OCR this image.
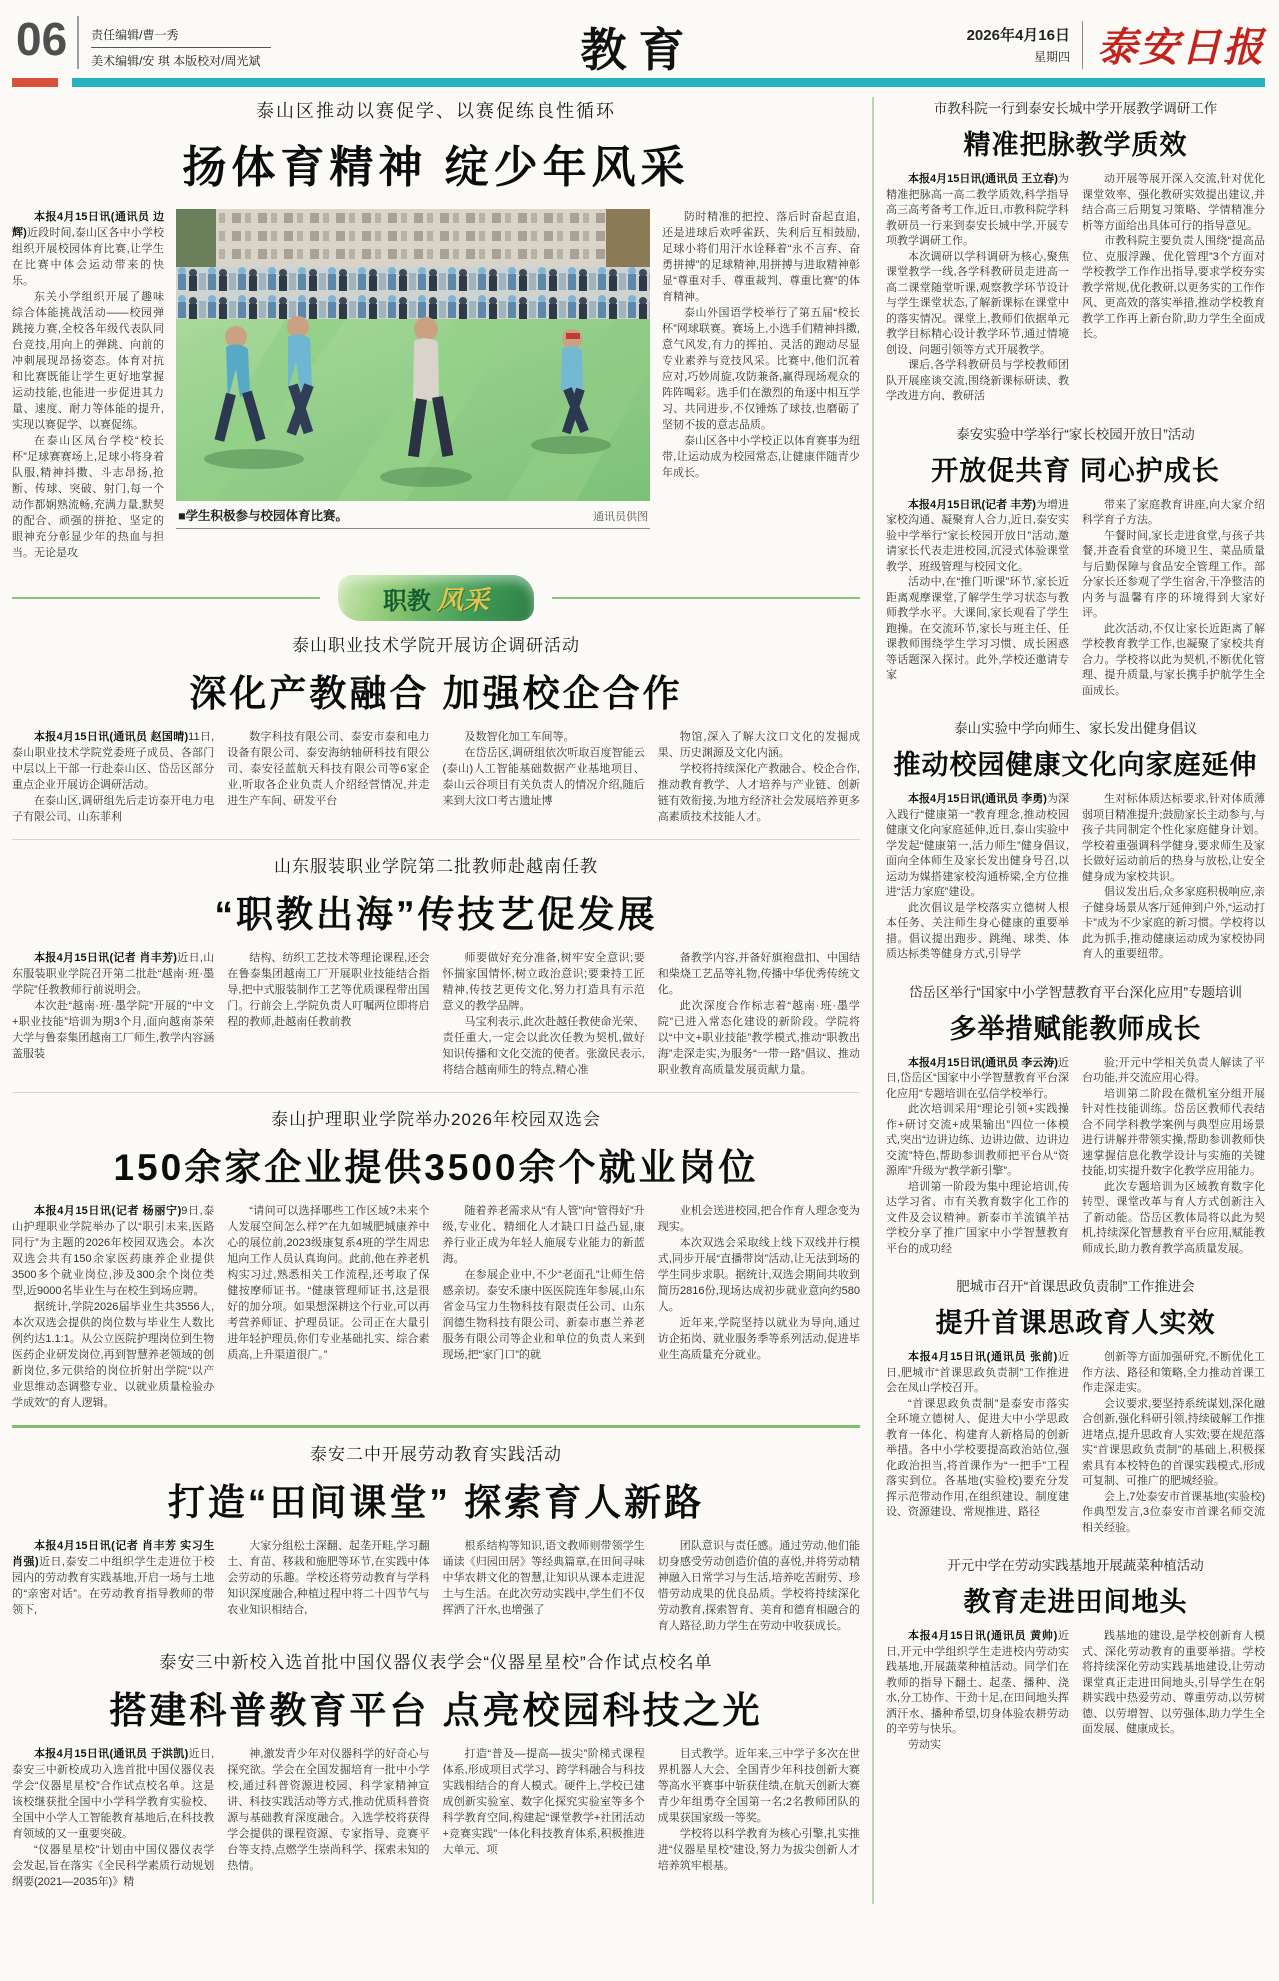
06	责任编辑/曹一秀
美术编辑/安 琪 本版校对/周光斌	教育	2026年4月16日
星期四 泰安日报
泰山区推动以赛促学、以赛促练良性循环
扬体育精神 绽少年风采

本报4月15日讯(通讯员 边辉)近段时间,泰山区各中小学校组织开展校园体育比赛,让学生在比赛中体会运动带来的快乐。

东关小学组织开展了趣味综合体能挑战活动——校园弹跳接力赛,全校各年级代表队同台竞技,用向上的弹跳、向前的冲刺展现昂扬姿态。体育对抗和比赛既能让学生更好地掌握运动技能,也能进一步促进其力量、速度、耐力等体能的提升,实现以赛促学、以赛促练。

在泰山区凤台学校“校长杯”足球赛赛场上,足球小将身着队服,精神抖擞、斗志昂扬,抢断、传球、突破、射门,每一个动作都娴熟流畅,充满力量,默契的配合、顽强的拼抢、坚定的眼神充分彰显少年的热血与担当。无论是攻

■学生积极参与校园体育比赛。	通讯员供图

防时精准的把控、落后时奋起直追,还是进球后欢呼雀跃、失利后互相鼓励,足球小将们用汗水诠释着“永不言弃、奋勇拼搏”的足球精神,用拼搏与进取精神彰显“尊重对手、尊重裁判、尊重比赛”的体育精神。

泰山外国语学校举行了第五届“校长杯”网球联赛。赛场上,小选手们精神抖擞,意气风发,有力的挥拍、灵活的跑动尽显专业素养与竞技风采。比赛中,他们沉着应对,巧妙周旋,攻防兼备,赢得现场观众的阵阵喝彩。选手们在激烈的角逐中相互学习、共同进步,不仅锤炼了球技,也磨砺了坚韧不拔的意志品质。

泰山区各中小学校正以体育赛事为纽带,让运动成为校园常态,让健康伴随青少年成长。

职教 风采
泰山职业技术学院开展访企调研活动
深化产教融合 加强校企合作

本报4月15日讯(通讯员 赵国晴)11日,泰山职业技术学院党委班子成员、各部门中层以上干部一行赴泰山区、岱岳区部分重点企业开展访企调研活动。

在泰山区,调研组先后走访泰开电力电子有限公司、山东菲利

数字科技有限公司、泰安市泰和电力设备有限公司、泰安海纳轴研科技有限公司、泰安径蓝航天科技有限公司等6家企业,听取各企业负责人介绍经营情况,并走进生产车间、研发平台

及数智化加工车间等。

在岱岳区,调研组依次听取百度智能云(泰山)人工智能基础数据产业基地项目、泰山云谷项目有关负责人的情况介绍,随后来到大汶口考古遗址博

物馆,深入了解大汶口文化的发掘成果、历史渊源及文化内涵。

学校将持续深化产教融合、校企合作,推动教育教学、人才培养与产业链、创新链有效衔接,为地方经济社会发展培养更多高素质技术技能人才。

山东服装职业学院第二批教师赴越南任教
“职教出海”传技艺促发展

本报4月15日讯(记者 肖丰芳)近日,山东服装职业学院召开第二批赴“越南·班·墨学院”任教教师行前说明会。

本次赴“越南·班·墨学院”开展的“中文+职业技能”培训为期3个月,面向越南茶荣大学与鲁泰集团越南工厂师生,教学内容涵盖服装

结构、纺织工艺技术等理论课程,还会在鲁泰集团越南工厂开展职业技能结合指导,把中式服装制作工艺等优质课程带出国门。行前会上,学院负责人叮嘱两位即将启程的教师,赴越南任教前教

师要做好充分准备,树牢安全意识;要怀揣家国情怀,树立政治意识;要秉持工匠精神,传技艺更传文化,努力打造具有示范意义的教学品牌。

马宝利表示,此次赴越任教使命光荣、责任重大,一定会以此次任教为契机,做好知识传播和文化交流的使者。张潋民表示,将结合越南师生的特点,精心准

备教学内容,并备好旗袍盘扣、中国结和柴烧工艺品等礼物,传播中华优秀传统文化。

此次深度合作标志着“越南·班·墨学院”已进入常态化建设的新阶段。学院将以“中文+职业技能”教学模式,推动“职教出海”走深走实,为服务“一带一路”倡议、推动职业教育高质量发展贡献力量。

泰山护理职业学院举办2026年校园双选会
150余家企业提供3500余个就业岗位

本报4月15日讯(记者 杨丽宁)9日,泰山护理职业学院举办了以“职引未来,医路同行”为主题的2026年校园双选会。本次双选会共有150余家医药康养企业提供3500多个就业岗位,涉及300余个岗位类型,近9000名毕业生与在校生到场应聘。

据统计,学院2026届毕业生共3556人,本次双选会提供的岗位数与毕业生人数比例约达1.1:1。从公立医院护理岗位到生物医药企业研发岗位,再到智慧养老领域的创新岗位,多元供给的岗位折射出学院“以产业思维动态调整专业、以就业质量检验办学成效”的育人逻辑。

“请问可以选择哪些工作区域?未来个人发展空间怎么样?”在九如城肥城康养中心的展位前,2023级康复系4班的学生周忠旭向工作人员认真询问。此前,他在养老机构实习过,熟悉相关工作流程,还考取了保健按摩师证书。“健康管理师证书,这是很好的加分项。如果想深耕这个行业,可以再考营养师证、护理员证。公司正在大量引进年轻护理员,你们专业基础扎实、综合素质高,上升渠道很广。”

随着养老需求从“有人管”向“管得好”升级,专业化、精细化人才缺口日益凸显,康养行业正成为年轻人施展专业能力的新蓝海。

在参展企业中,不少“老面孔”让师生倍感亲切。泰安禾康中医医院连年参展,山东省金马宝力生物科技有限责任公司、山东润德生物科技有限公司、新泰市惠兰养老服务有限公司等企业和单位的负责人来到现场,把“家门口”的就

业机会送进校园,把合作育人理念变为现实。

本次双选会采取线上线下双线并行模式,同步开展“直播带岗”活动,让无法到场的学生同步求职。据统计,双选会期间共收到简历2816份,现场达成初步就业意向约580人。

近年来,学院坚持以就业为导向,通过访企拓岗、就业服务季等系列活动,促进毕业生高质量充分就业。

泰安二中开展劳动教育实践活动
打造“田间课堂” 探索育人新路

本报4月15日讯(记者 肖丰芳 实习生 肖强)近日,泰安二中组织学生走进位于校园内的劳动教育实践基地,开启一场与土地的“亲密对话”。在劳动教育指导教师的带领下,

大家分组松土深翻、起垄开畦,学习翻土、育苗、移栽和施肥等环节,在实践中体会劳动的乐趣。学校还将劳动教育与学科知识深度融合,种植过程中将二十四节气与农业知识相结合,

根系结构等知识,语文教师则带领学生诵读《归园田居》等经典篇章,在田间寻味中华农耕文化的智慧,让知识从课本走进泥土与生活。在此次劳动实践中,学生们不仅挥洒了汗水,也增强了

团队意识与责任感。通过劳动,他们能切身感受劳动创造价值的喜悦,并将劳动精神融入日常学习与生活,培养吃苦耐劳、珍惜劳动成果的优良品质。学校将持续深化劳动教育,探索智育、美育和德育相融合的育人路径,助力学生在劳动中收获成长。

泰安三中新校入选首批中国仪器仪表学会“仪器星星校”合作试点校名单
搭建科普教育平台 点亮校园科技之光

本报4月15日讯(通讯员 于洪凯)近日,泰安三中新校成功入选首批中国仪器仪表学会“仪器星星校”合作试点校名单。这是该校继获批全国中小学科学教育实验校、全国中小学人工智能教育基地后,在科技教育领域的又一重要突破。

“仪器星星校”计划由中国仪器仪表学会发起,旨在落实《全民科学素质行动规划纲要(2021—2035年)》精

神,激发青少年对仪器科学的好奇心与探究欲。学会在全国发掘培育一批中小学校,通过科普资源进校园、科学家精神宣讲、科技实践活动等方式,推动优质科普资源与基础教育深度融合。入选学校将获得学会提供的课程资源、专家指导、竞赛平台等支持,点燃学生崇尚科学、探索未知的热情。

打造“普及—提高—拔尖”阶梯式课程体系,形成项目式学习、跨学科融合与科技实践相结合的育人模式。硬件上,学校已建成创新实验室、数字化探究实验室等多个科学教育空间,构建起“课堂教学+社团活动+竞赛实践”一体化科技教育体系,积极推进大单元、项

目式教学。近年来,三中学子多次在世界机器人大会、全国青少年科技创新大赛等高水平赛事中斩获佳绩,在航天创新大赛青少年组勇夺全国第一名;2名教师团队的成果获国家级一等奖。

学校将以科学教育为核心引擎,扎实推进“仪器星星校”建设,努力为拔尖创新人才培养筑牢根基。

市教科院一行到泰安长城中学开展教学调研工作
精准把脉教学质效

本报4月15日讯(通讯员 王立春)为精准把脉高一高二教学质效,科学指导高三高考备考工作,近日,市教科院学科教研员一行来到泰安长城中学,开展专项教学调研工作。

本次调研以学科调研为核心,聚焦课堂教学一线,各学科教研员走进高一高二课堂随堂听课,观察教学环节设计与学生课堂状态,了解新课标在课堂中的落实情况。课堂上,教师们依据单元教学目标精心设计教学环节,通过情境创设、问题引领等方式开展教学。

课后,各学科教研员与学校教师团队开展座谈交流,围绕新课标研读、教学改进方向、教研活

动开展等展开深入交流,针对优化课堂效率、强化教研实效提出建议,并结合高三后期复习策略、学情精准分析等方面给出具体可行的指导意见。

市教科院主要负责人围绕“提高品位、克服浮躁、优化管理”3个方面对学校教学工作作出指导,要求学校夯实教学常规,优化教研,以更务实的工作作风、更高效的落实举措,推动学校教育教学工作再上新台阶,助力学生全面成长。

泰安实验中学举行“家长校园开放日”活动
开放促共育 同心护成长

本报4月15日讯(记者 丰芳)为增进家校沟通、凝聚育人合力,近日,泰安实验中学举行“家长校园开放日”活动,邀请家长代表走进校园,沉浸式体验课堂教学、班级管理与校园文化。

活动中,在“推门听课”环节,家长近距离观摩课堂,了解学生学习状态与教师教学水平。大课间,家长观看了学生跑操。在交流环节,家长与班主任、任课教师围绕学生学习习惯、成长困惑等话题深入探讨。此外,学校还邀请专家

带来了家庭教育讲座,向大家介绍科学育子方法。

午餐时间,家长走进食堂,与孩子共餐,并查看食堂的环境卫生、菜品质量与后勤保障与食品安全管理工作。部分家长还参观了学生宿舍,干净整洁的内务与温馨有序的环境得到大家好评。

此次活动,不仅让家长近距离了解学校教育教学工作,也凝聚了家校共育合力。学校将以此为契机,不断优化管理、提升质量,与家长携手护航学生全面成长。

泰山实验中学向师生、家长发出健身倡议
推动校园健康文化向家庭延伸

本报4月15日讯(通讯员 李勇)为深入践行“健康第一”教育理念,推动校园健康文化向家庭延伸,近日,泰山实验中学发起“健康第一,活力师生”健身倡议,面向全体师生及家长发出健身号召,以运动为媒搭建家校沟通桥梁,全方位推进“活力家庭”建设。

此次倡议是学校落实立德树人根本任务、关注师生身心健康的重要举措。倡议提出跑步、跳绳、球类、体质达标类等健身方式,引导学

生对标体质达标要求,针对体质薄弱项目精准提升;鼓励家长主动参与,与孩子共同制定个性化家庭健身计划。学校着重强调科学健身,要求师生及家长做好运动前后的热身与放松,让安全健身成为家校共识。

倡议发出后,众多家庭积极响应,亲子健身场景从客厅延伸到户外,“运动打卡”成为不少家庭的新习惯。学校将以此为抓手,推动健康运动成为家校协同育人的重要纽带。

岱岳区举行“国家中小学智慧教育平台深化应用”专题培训
多举措赋能教师成长

本报4月15日讯(通讯员 李云涛)近日,岱岳区“国家中小学智慧教育平台深化应用”专题培训在弘信学校举行。

此次培训采用“理论引领+实践操作+研讨交流+成果输出”四位一体模式,突出“边讲边练、边讲边做、边讲边交流”特色,帮助参训教师把平台从“资源库”升级为“教学新引擎”。

培训第一阶段为集中理论培训,传达学习省、市有关教育数字化工作的文件及会议精神。新泰市羊流镇羊祜学校分享了推广国家中小学智慧教育平台的成功经

验;开元中学相关负责人解读了平台功能,并交流应用心得。

培训第二阶段在微机室分组开展针对性技能训练。岱岳区教师代表结合不同学科教学案例与典型应用场景进行讲解并带领实操,帮助参训教师快速掌握信息化教学设计与实施的关键技能,切实提升数字化教学应用能力。

此次专题培训为区域教育数字化转型、课堂改革与育人方式创新注入了新动能。岱岳区教体局将以此为契机,持续深化智慧教育平台应用,赋能教师成长,助力教育教学高质量发展。

肥城市召开“首课思政负责制”工作推进会
提升首课思政育人实效

本报4月15日讯(通讯员 张前)近日,肥城市“首课思政负责制”工作推进会在凤山学校召开。

“首课思政负责制”是泰安市落实全环境立德树人、促进大中小学思政教育一体化、构建育人新格局的创新举措。各中小学校要提高政治站位,强化政治担当,将首课作为“一把手”工程落实到位。各基地(实验校)要充分发挥示范带动作用,在组织建设、制度建设、资源建设、常规推进、路径

创新等方面加强研究,不断优化工作方法、路径和策略,全力推动首课工作走深走实。

会议要求,要坚持系统谋划,深化融合创新,强化科研引领,持续破解工作推进堵点,提升思政育人实效;要在规范落实“首课思政负责制”的基础上,积极探索具有本校特色的首课实践模式,形成可复制、可推广的肥城经验。

会上,7处泰安市首课基地(实验校)作典型发言,3位泰安市首课名师交流相关经验。

开元中学在劳动实践基地开展蔬菜种植活动
教育走进田间地头

本报4月15日讯(通讯员 黄帅)近日,开元中学组织学生走进校内劳动实践基地,开展蔬菜种植活动。同学们在教师的指导下翻土、起垄、播种、浇水,分工协作、干劲十足,在田间地头挥洒汗水、播种希望,切身体验农耕劳动的辛劳与快乐。

劳动实

践基地的建设,是学校创新育人模式、深化劳动教育的重要举措。学校将持续深化劳动实践基地建设,让劳动课堂真正走进田间地头,引导学生在躬耕实践中热爱劳动、尊重劳动,以劳树德、以劳增智、以劳强体,助力学生全面发展、健康成长。
